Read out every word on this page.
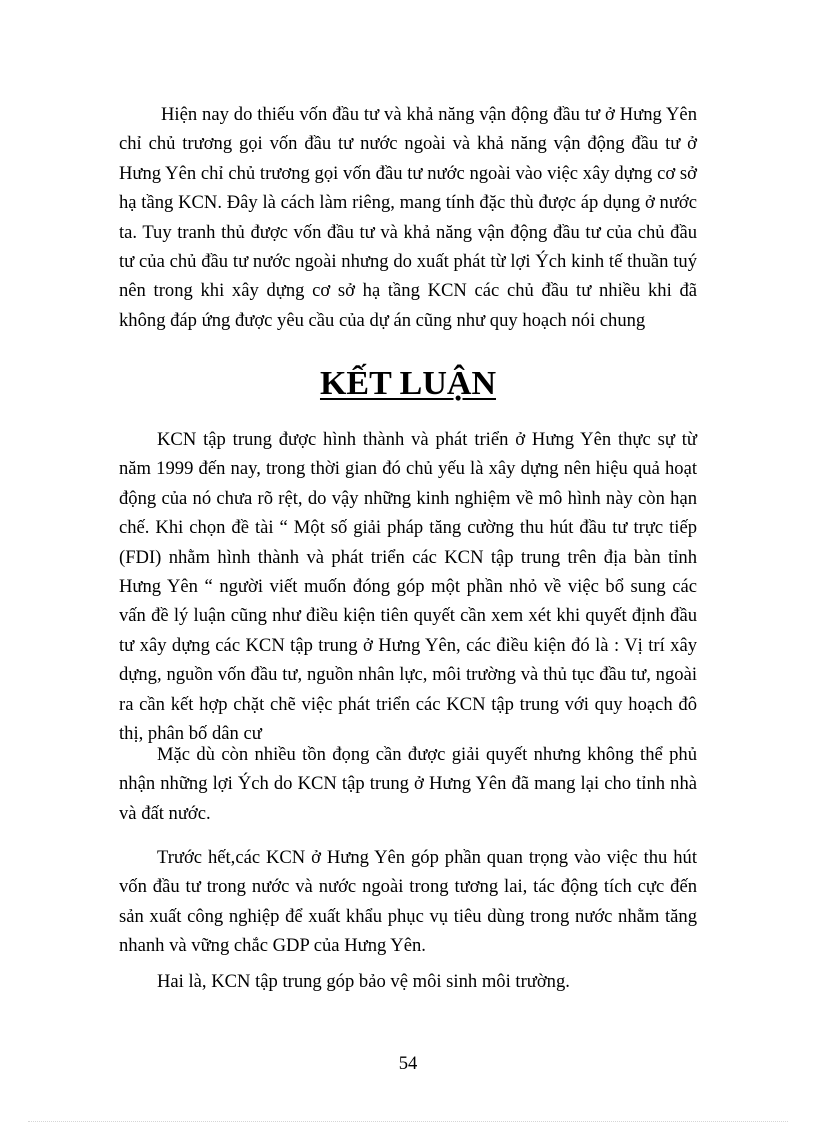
Hiện nay do thiếu vốn đầu tư và khả năng vận động đầu tư ở Hưng Yên chỉ chủ trương gọi vốn đầu tư nước ngoài và khả năng vận động đầu tư ở Hưng Yên chỉ chủ trương gọi vốn đầu tư nước ngoài vào việc xây dựng cơ sở hạ tầng KCN. Đây là cách làm riêng, mang tính đặc thù được áp dụng ở nước ta. Tuy tranh thủ được vốn đầu tư và khả năng vận động đầu tư của chủ đầu tư của chủ đầu tư nước ngoài nhưng do xuất phát từ lợi Ých kinh tế thuần tuý nên trong khi xây dựng cơ sở hạ tầng KCN các chủ đầu tư nhiều khi đã không đáp ứng được yêu cầu của dự án cũng như quy hoạch nói chung

KẾT LUẬN

KCN tập trung được hình thành và phát triển ở Hưng Yên thực sự từ năm 1999 đến nay, trong thời gian đó chủ yếu là xây dựng nên hiệu quả hoạt động của nó chưa rõ rệt, do vậy những kinh nghiệm về mô hình này còn hạn chế. Khi chọn đề tài “ Một số giải pháp tăng cường thu hút đầu tư trực tiếp (FDI) nhằm hình thành và phát triển các KCN tập trung trên địa bàn tỉnh Hưng Yên “ người viết muốn đóng góp một phần nhỏ về việc bổ sung các vấn đề lý luận cũng như điều kiện tiên quyết cần xem xét khi quyết định đầu tư xây dựng các KCN tập trung ở Hưng Yên, các điều kiện đó là : Vị trí xây dựng, nguồn vốn đầu tư, nguồn nhân lực, môi trường và thủ tục đầu tư, ngoài ra cần kết hợp chặt chẽ việc phát triển các KCN tập trung với quy hoạch đô thị, phân bố dân cư

Mặc dù còn nhiều tồn đọng cần được giải quyết nhưng không thể phủ nhận những lợi Ých do KCN tập trung ở Hưng Yên đã mang lại cho tỉnh nhà và đất nước.

Trước hết,các KCN ở Hưng Yên góp phần quan trọng vào việc thu hút vốn đầu tư trong nước và nước ngoài trong tương lai, tác động tích cực đến sản xuất công nghiệp để xuất khẩu phục vụ tiêu dùng trong nước nhằm tăng nhanh và vững chắc GDP của Hưng Yên.

Hai là, KCN tập trung góp bảo vệ môi sinh môi trường.

54
